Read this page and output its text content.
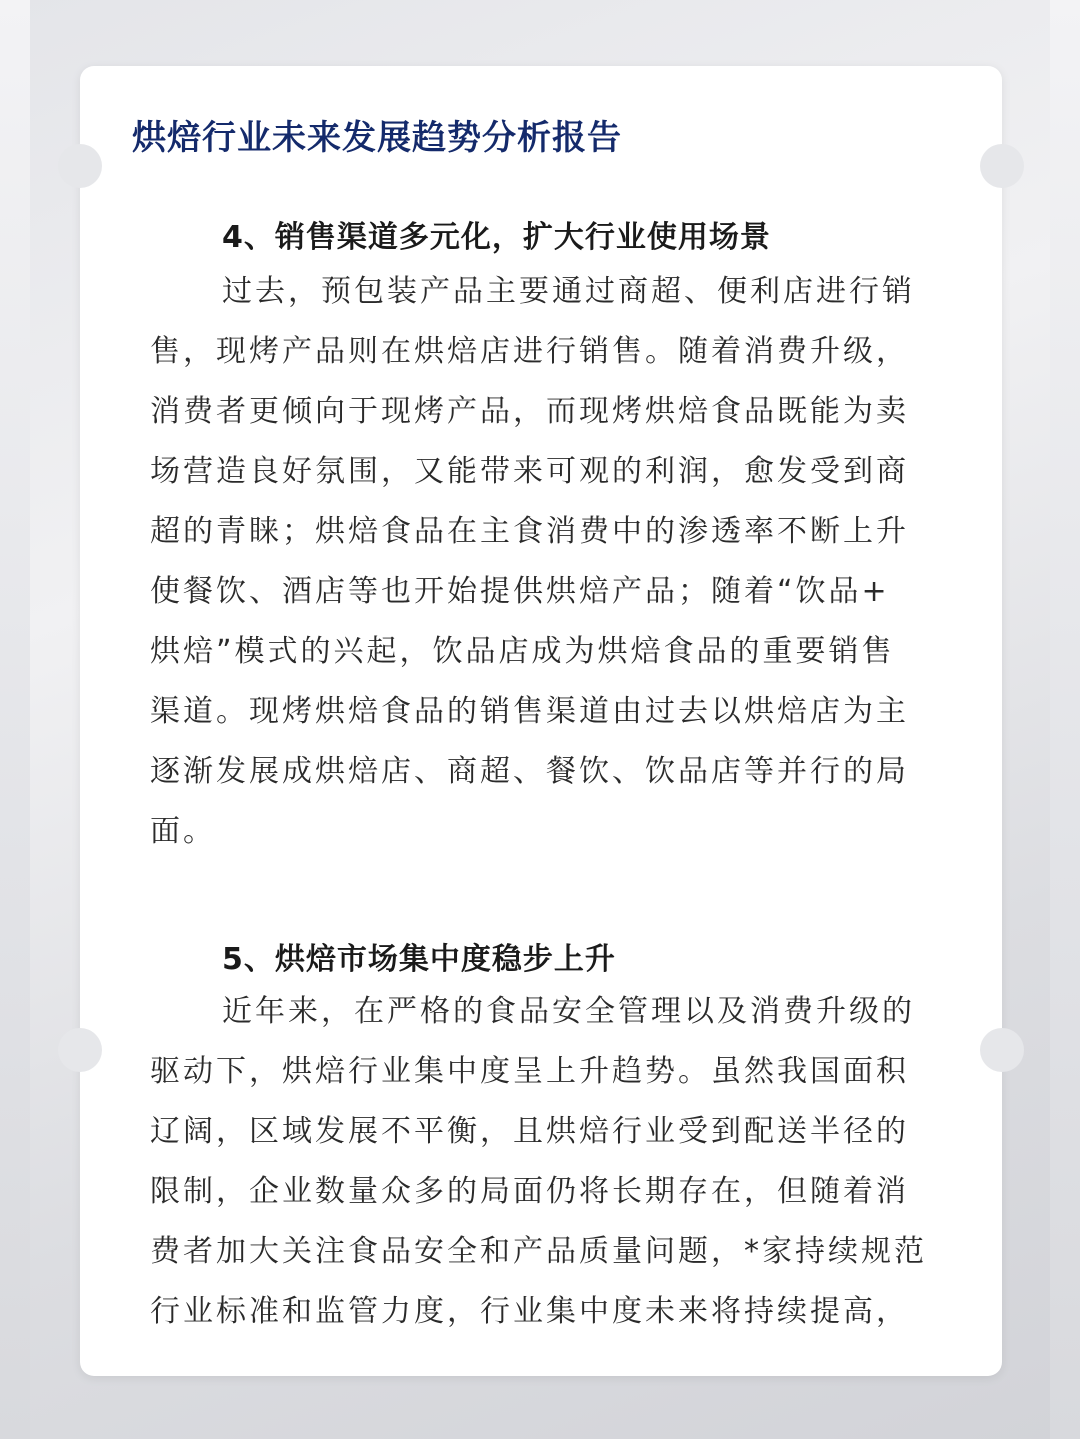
烘焙行业未来发展趋势分析报告
4、销售渠道多元化，扩大行业使用场景
过去，预包装产品主要通过商超、便利店进行销
售，现烤产品则在烘焙店进行销售。随着消费升级，
消费者更倾向于现烤产品，而现烤烘焙食品既能为卖
场营造良好氛围，又能带来可观的利润，愈发受到商
超的青睐；烘焙食品在主食消费中的渗透率不断上升
使餐饮、酒店等也开始提供烘焙产品；随着“饮品+
烘焙”模式的兴起，饮品店成为烘焙食品的重要销售
渠道。现烤烘焙食品的销售渠道由过去以烘焙店为主
逐渐发展成烘焙店、商超、餐饮、饮品店等并行的局
面。
5、烘焙市场集中度稳步上升
近年来，在严格的食品安全管理以及消费升级的
驱动下，烘焙行业集中度呈上升趋势。虽然我国面积
辽阔，区域发展不平衡，且烘焙行业受到配送半径的
限制，企业数量众多的局面仍将长期存在，但随着消
费者加大关注食品安全和产品质量问题，*家持续规范
行业标准和监管力度，行业集中度未来将持续提高，
